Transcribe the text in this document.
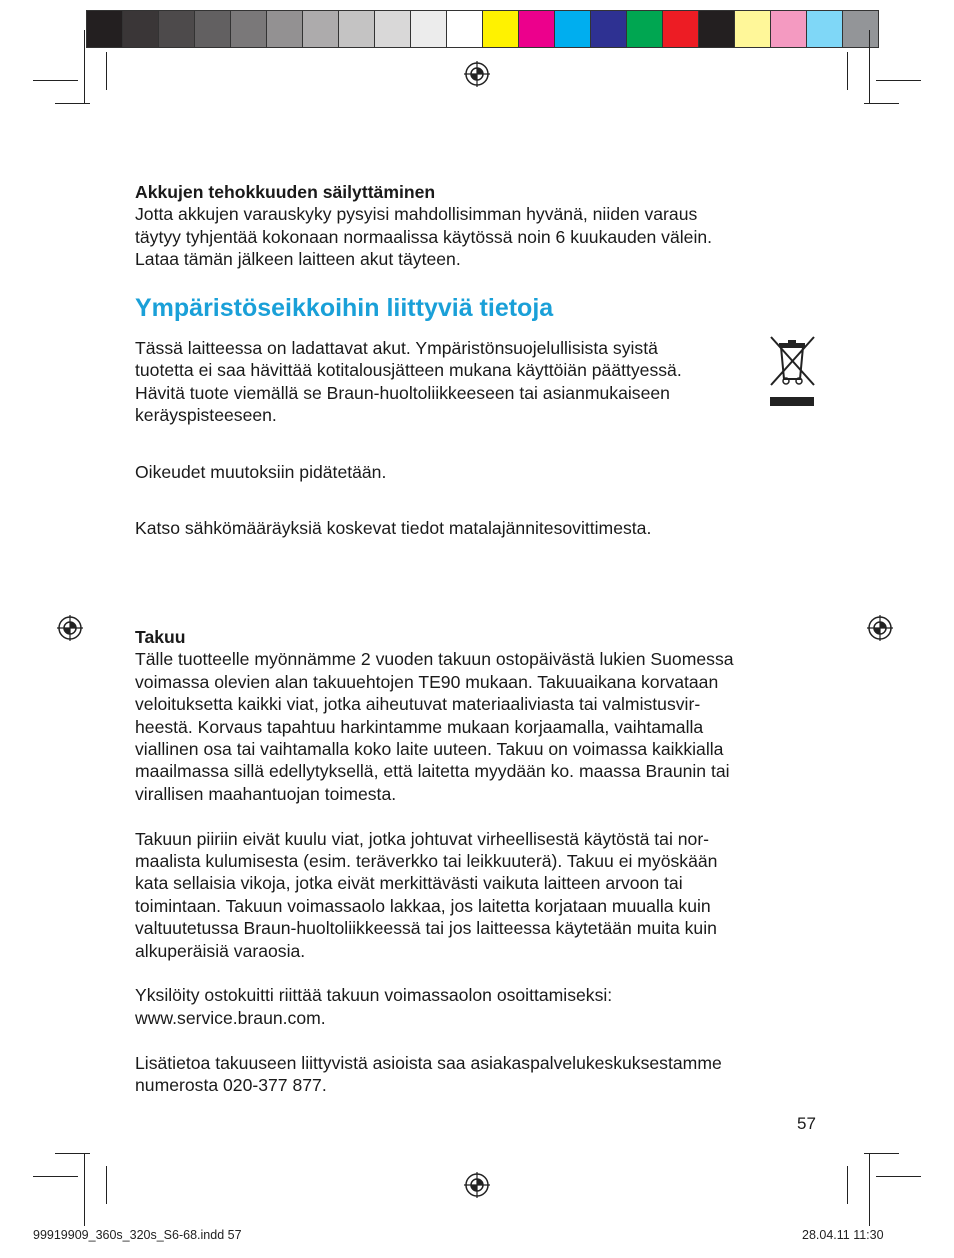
Akkujen tehokkuuden säilyttäminen

Jotta akkujen varauskyky pysyisi mahdollisimman hyvänä, niiden varaus

täytyy tyhjentää kokonaan normaalissa käytössä noin 6 kuukauden välein.

Lataa tämän jälkeen laitteen akut täyteen.

Ympäristöseikkoihin liittyviä tietoja

Tässä laitteessa on ladattavat akut. Ympäristönsuojelullisista syistä

tuotetta ei saa hävittää kotitalousjätteen mukana käyttöiän päättyessä.

Hävitä tuote viemällä se Braun-huoltoliikkeeseen tai asianmukaiseen

keräyspisteeseen.

Oikeudet muutoksiin pidätetään.

Katso sähkömääräyksiä koskevat tiedot matalajännitesovittimesta.

Takuu

Tälle tuotteelle myönnämme 2 vuoden takuun ostopäivästä lukien Suomessa

voimassa olevien alan takuuehtojen TE90 mukaan. Takuuaikana korvataan

veloituksetta kaikki viat, jotka aiheutuvat materiaaliviasta tai valmistusvir-

heestä. Korvaus tapahtuu harkintamme mukaan korjaamalla, vaihtamalla

viallinen osa tai vaihtamalla koko laite uuteen. Takuu on voimassa kaikkialla

maailmassa sillä edellytyksellä, että laitetta myydään ko. maassa Braunin tai

virallisen maahantuojan toimesta.

Takuun piiriin eivät kuulu viat, jotka johtuvat virheellisestä käytöstä tai nor-

maalista kulumisesta (esim. teräverkko tai leikkuuterä). Takuu ei myöskään

kata sellaisia vikoja, jotka eivät merkittävästi vaikuta laitteen arvoon tai

toimintaan. Takuun voimassaolo lakkaa, jos laitetta korjataan muualla kuin

valtuutetussa Braun-huoltoliikkeessä tai jos laitteessa käytetään muita kuin

alkuperäisiä varaosia.

Yksilöity ostokuitti riittää takuun voimassaolon osoittamiseksi:

www.service.braun.com.

Lisätietoa takuuseen liittyvistä asioista saa asiakaspalvelukeskuksestamme

numerosta 020-377 877.

57
99919909_360s_320s_S6-68.indd 57	28.04.11 11:30
